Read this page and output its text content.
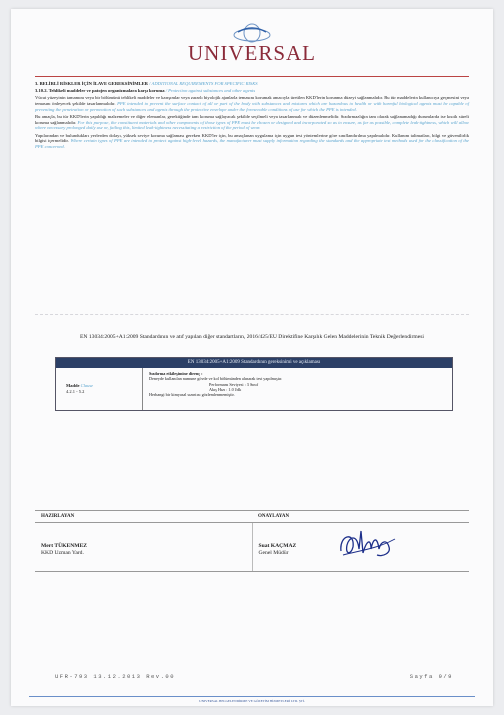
UNIVERSAL

3. BELİRLİ RİSKLER İÇİN İLAVE GEREKSİNİMLER / ADDITIONAL REQUIREMENTS FOR SPECIFIC RISKS

3.10.2. Tehlikeli maddeler ve patojen organizmalara karşı koruma / Protection against substances and other agents

Vücut yüzeyinin tamamını veya bir bölümünü tehlikeli maddeler ve karışımlar veya zararlı biyolojik ajanlarla temasını korumak amacıyla üretilen KKD'lerin korunma düzeyi sağlanmalıdır. Bu tür maddelerin kullanıcıya geçmesini veya temasını önleyecek şekilde tasarlanmalıdır. PPE intended to prevent the surface contact of all or part of the body with substances and mixtures which are hazardous to health or with harmful biological agents must be capable of preventing the penetration or permeation of such substances and agents through the protective envelope under the foreseeable conditions of use for which the PPE is intended.

Bu amaçla, bu tür KKD'lerin yapıldığı malzemeler ve diğer elemanlar, gerektiğinde tam koruma sağlayacak şekilde seçilmeli veya tasarlanmalı ve düzenlenmelidir. Sızdırmazlığın tam olarak sağlanamadığı durumlarda ise kısıtlı süreli koruma sağlanmalıdır. For this purpose, the constituent materials and other components of those types of PPE must be chosen or designed and incorporated so as to ensure, as far as possible, complete leak-tightness, which will allow where necessary prolonged daily use or, failing this, limited leak-tightness necessitating a restriction of the period of wear.

Yapılarından ve bulundukları yerlerden dolayı, yüksek seviye koruma sağlaması gereken KKD'ler için, bu amaçlanan uygulama için uygun test yöntemlerine göre sınıflandırılma yapılmalıdır. Kullanım talimatları, bilgi ve güvenilirlik bilgisi içermelidir. Where certain types of PPE are intended to protect against high-level hazards, the manufacturer must supply information regarding the standards and the appropriate test methods used for the classification of the PPE concerned.

EN 13034:2005+A1:2009 Standardının ve atıf yapılan diğer standartların, 2016/425/EU Direktifine Karşılık Gelen Maddelerinin Teknik Değerlendirmesi
EN 13034:2005+A1:2009 Standardının gereksinimi ve açıklaması
Madde Clause
4.2.1 - 5.2
Sızdırma etkileşimine direnç :
Deneyde kullanılan numune gövde ve kol bölümünden alınarak test yapılmıştır.
Performans Seviyesi : 3 Sınıf
Akış Hızı : 1.0 l/dk
Herhangi bir kimyasal sızıntısı gözlemlenmemiştir.
HAZIRLAYAN	ONAYLAYAN
Mert TÜKENMEZ
KKD Uzman Yard.
Suat KAÇMAZ
Genel Müdür
UFR-793 13.12.2013 Rev.00	Sayfa 9/9
UNIVERSAL BELGELENDİRME VE GÖZETİM HİZMETLERİ LTD. ŞTİ.
